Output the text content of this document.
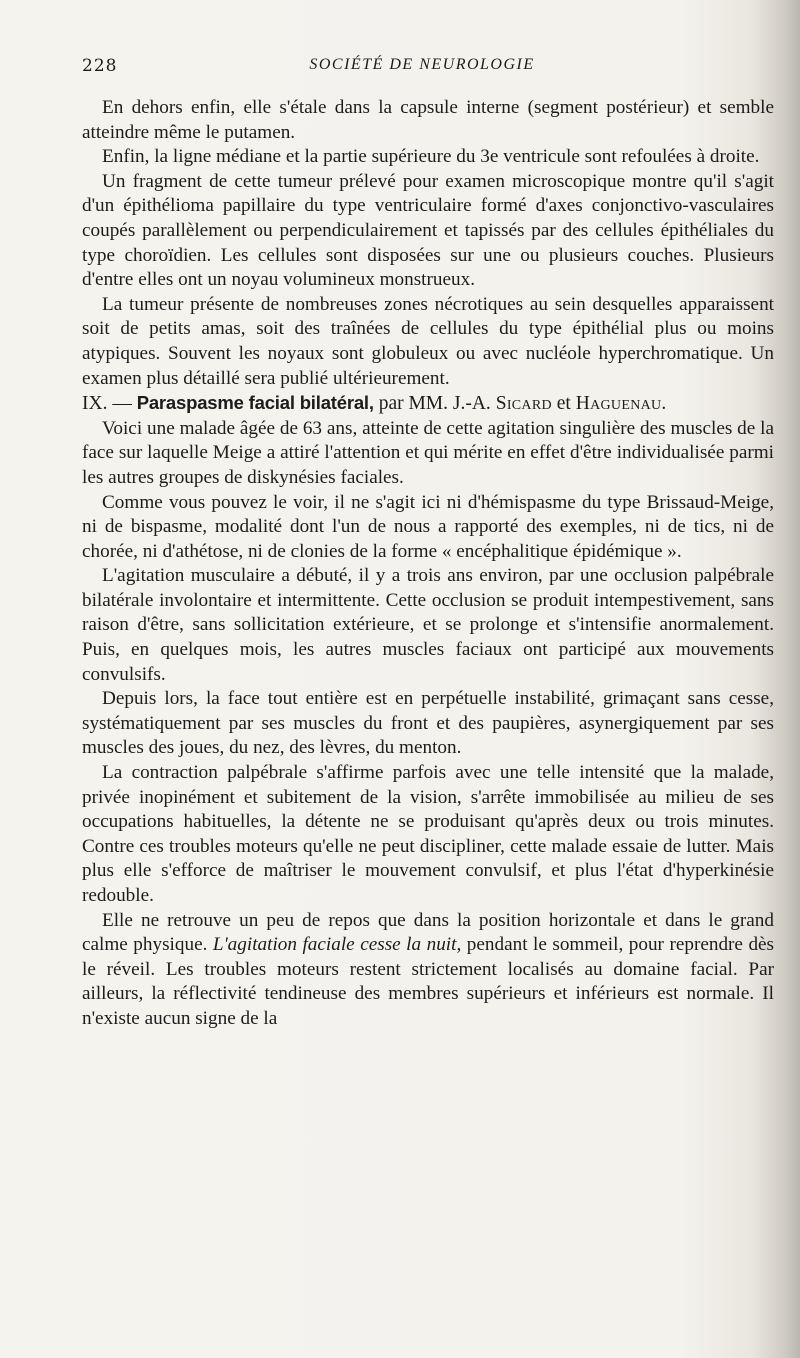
228	SOCIÉTÉ DE NEUROLOGIE

En dehors enfin, elle s'étale dans la capsule interne (segment postérieur) et semble atteindre même le putamen.

Enfin, la ligne médiane et la partie supérieure du 3e ventricule sont refoulées à droite.

Un fragment de cette tumeur prélevé pour examen microscopique montre qu'il s'agit d'un épithélioma papillaire du type ventriculaire formé d'axes conjonctivo-vasculaires coupés parallèlement ou perpendiculairement et tapissés par des cellules épithéliales du type choroïdien. Les cellules sont disposées sur une ou plusieurs couches. Plusieurs d'entre elles ont un noyau volumineux monstrueux.

La tumeur présente de nombreuses zones nécrotiques au sein desquelles apparaissent soit de petits amas, soit des traînées de cellules du type épithélial plus ou moins atypiques. Souvent les noyaux sont globuleux ou avec nucléole hyperchromatique. Un examen plus détaillé sera publié ultérieurement.

IX. — Paraspasme facial bilatéral, par MM. J.-A. Sicard et Haguenau.

Voici une malade âgée de 63 ans, atteinte de cette agitation singulière des muscles de la face sur laquelle Meige a attiré l'attention et qui mérite en effet d'être individualisée parmi les autres groupes de diskynésies faciales.

Comme vous pouvez le voir, il ne s'agit ici ni d'hémispasme du type Brissaud-Meige, ni de bispasme, modalité dont l'un de nous a rapporté des exemples, ni de tics, ni de chorée, ni d'athétose, ni de clonies de la forme « encéphalitique épidémique ».

L'agitation musculaire a débuté, il y a trois ans environ, par une occlusion palpébrale bilatérale involontaire et intermittente. Cette occlusion se produit intempestivement, sans raison d'être, sans sollicitation extérieure, et se prolonge et s'intensifie anormalement. Puis, en quelques mois, les autres muscles faciaux ont participé aux mouvements convulsifs.

Depuis lors, la face tout entière est en perpétuelle instabilité, grimaçant sans cesse, systématiquement par ses muscles du front et des paupières, asynergiquement par ses muscles des joues, du nez, des lèvres, du menton.

La contraction palpébrale s'affirme parfois avec une telle intensité que la malade, privée inopinément et subitement de la vision, s'arrête immobilisée au milieu de ses occupations habituelles, la détente ne se produisant qu'après deux ou trois minutes. Contre ces troubles moteurs qu'elle ne peut discipliner, cette malade essaie de lutter. Mais plus elle s'efforce de maîtriser le mouvement convulsif, et plus l'état d'hyperkinésie redouble.

Elle ne retrouve un peu de repos que dans la position horizontale et dans le grand calme physique. L'agitation faciale cesse la nuit, pendant le sommeil, pour reprendre dès le réveil. Les troubles moteurs restent strictement localisés au domaine facial. Par ailleurs, la réflectivité tendineuse des membres supérieurs et inférieurs est normale. Il n'existe aucun signe de la
